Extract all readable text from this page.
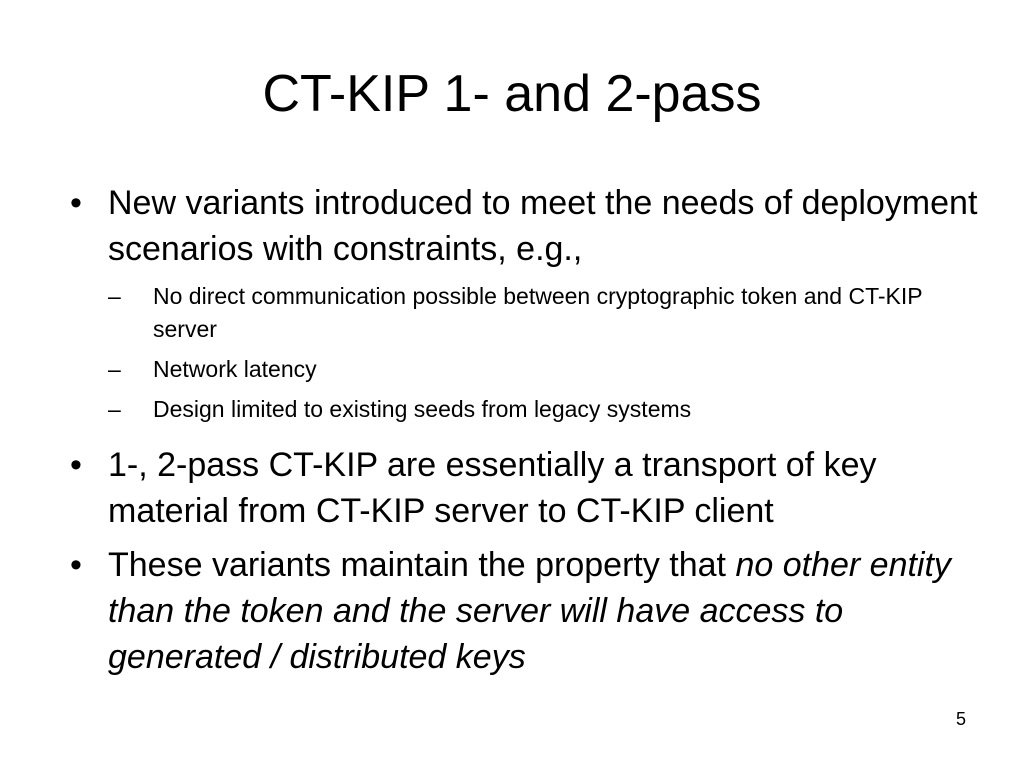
CT-KIP 1- and 2-pass
• New variants introduced to meet the needs of deployment scenarios with constraints, e.g.,
– No direct communication possible between cryptographic token and CT-KIP server
– Network latency
– Design limited to existing seeds from legacy systems
• 1-, 2-pass CT-KIP are essentially a transport of key material from CT-KIP server to CT-KIP client
• These variants maintain the property that no other entity than the token and the server will have access to generated / distributed keys
5
